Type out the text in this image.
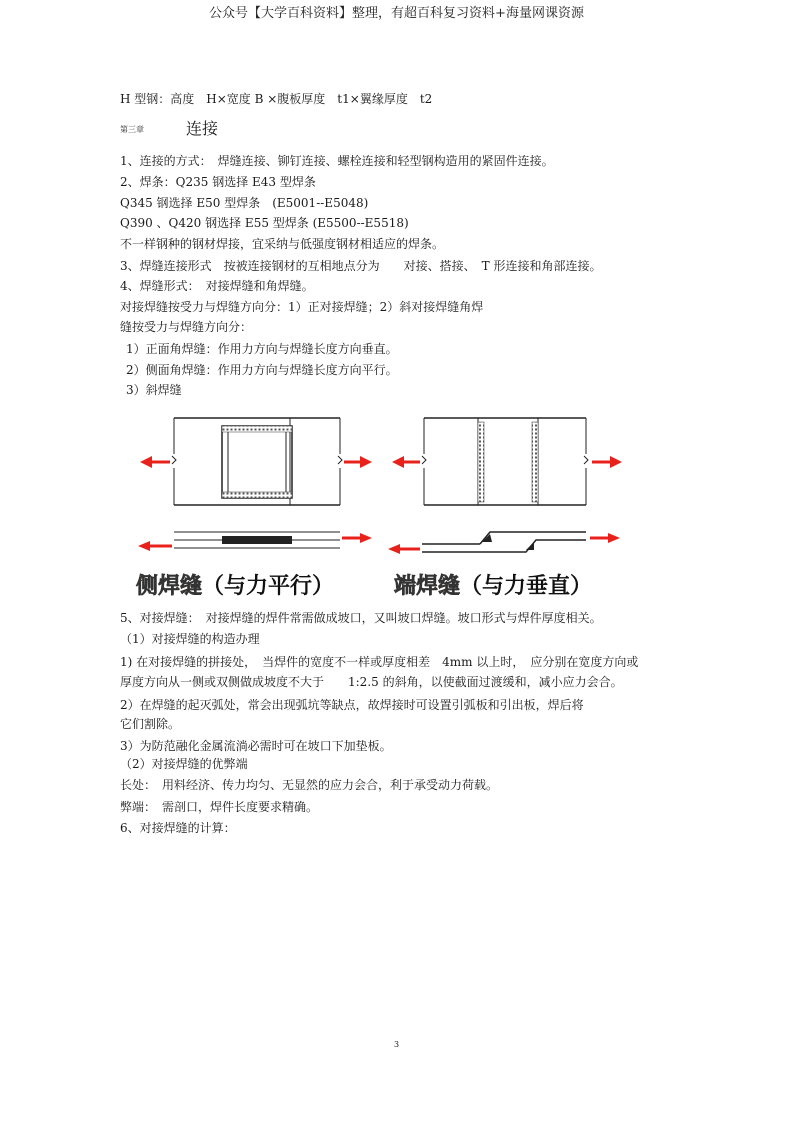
公众号【大学百科资料】整理，有超百科复习资料+海量网课资源
H 型钢：高度　H×宽度 B ×腹板厚度　t1×翼缘厚度　t2
第三章	连接
1、连接的方式：　焊缝连接、铆钉连接、螺栓连接和轻型钢构造用的紧固件连接。
2、焊条：Q235 钢选择 E43 型焊条
Q345 钢选择 E50 型焊条　(E5001--E5048)
Q390 、Q420 钢选择 E55 型焊条 (E5500--E5518)
不一样钢种的钢材焊接，宜采纳与低强度钢材相适应的焊条。
3、焊缝连接形式　按被连接钢材的互相地点分为　　对接、搭接、　T 形连接和角部连接。
4、焊缝形式：　对接焊缝和角焊缝。
对接焊缝按受力与焊缝方向分：1）正对接焊缝；2）斜对接焊缝角焊
缝按受力与焊缝方向分：
1）正面角焊缝：作用力方向与焊缝长度方向垂直。
2）侧面角焊缝：作用力方向与焊缝长度方向平行。
3）斜焊缝
侧焊缝（与力平行）	端焊缝（与力垂直）
5、对接焊缝：　对接焊缝的焊件常需做成坡口，又叫坡口焊缝。坡口形式与焊件厚度相关。
（1）对接焊缝的构造办理
1) 在对接焊缝的拼接处，　当焊件的宽度不一样或厚度相差　4mm 以上时，　应分别在宽度方向或
厚度方向从一侧或双侧做成坡度不大于　　1:2.5 的斜角，以使截面过渡缓和，减小应力会合。
2）在焊缝的起灭弧处，常会出现弧坑等缺点，故焊接时可设置引弧板和引出板，焊后将
它们割除。
3）为防范融化金属流淌必需时可在坡口下加垫板。
（2）对接焊缝的优弊端
长处：　用料经济、传力均匀、无显然的应力会合，利于承受动力荷载。
弊端：　需剖口，焊件长度要求精确。
6、对接焊缝的计算：
3
